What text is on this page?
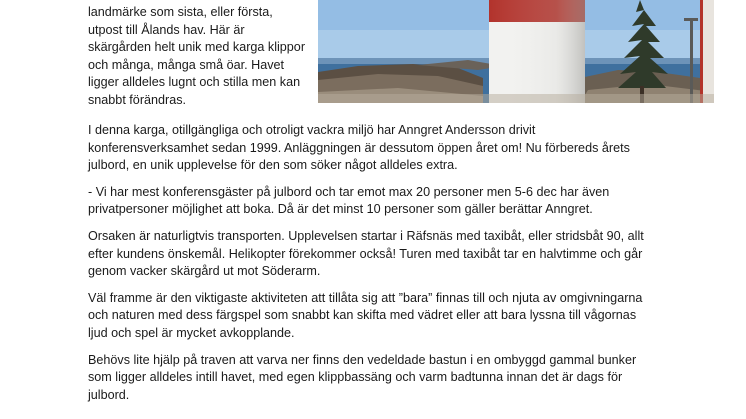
landmärke som sista, eller första,

utpost till Ålands hav. Här är

skärgården helt unik med karga klippor

och många, många små öar. Havet

ligger alldeles lugnt och stilla men kan

snabbt förändras.

I denna karga, otillgängliga och otroligt vackra miljö har Anngret Andersson drivit
konferensverksamhet sedan 1999. Anläggningen är dessutom öppen året om! Nu förbereds årets
julbord, en unik upplevelse för den som söker något alldeles extra.

- Vi har mest konferensgäster på julbord och tar emot max 20 personer men 5-6 dec har även
privatpersoner möjlighet att boka. Då är det minst 10 personer som gäller berättar Anngret.

Orsaken är naturligtvis transporten. Upplevelsen startar i Räfsnäs med taxibåt, eller stridsbåt 90, allt
efter kundens önskemål. Helikopter förekommer också! Turen med taxibåt tar en halvtimme och går
genom vacker skärgård ut mot Söderarm.

Väl framme är den viktigaste aktiviteten att tillåta sig att ”bara” finnas till och njuta av omgivningarna
och naturen med dess färgspel som snabbt kan skifta med vädret eller att bara lyssna till vågornas
ljud och spel är mycket avkopplande.

Behövs lite hjälp på traven att varva ner finns den vedeldade bastun i en ombyggd gammal bunker
som ligger alldeles intill havet, med egen klippbassäng och varm badtunna innan det är dags för
julbord.
